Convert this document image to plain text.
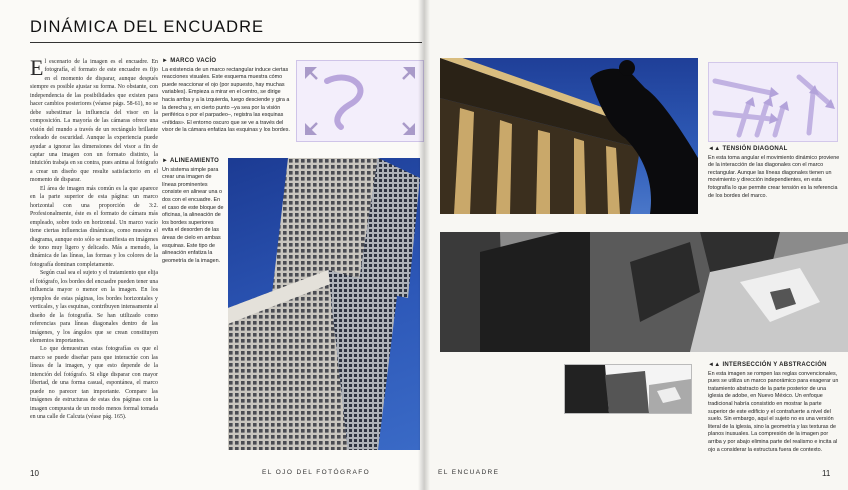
DINÁMICA DEL ENCUADRE

El escenario de la imagen es el encuadre. En fotografía, el formato de este encuadre es fijo en el momento de disparar, aunque después siempre es posible ajustar su forma. No obstante, con independencia de las posibilidades que existen para hacer cambios posteriores (véanse págs. 58-61), no se debe subestimar la influencia del visor en la composición. La mayoría de las cámaras ofrece una visión del mundo a través de un rectángulo brillante rodeado de oscuridad. Aunque la experiencia puede ayudar a ignorar las dimensiones del visor a fin de captar una imagen con un formato distinto, la intuición trabaja en su contra, pues anima al fotógrafo a crear un diseño que resulte satisfactorio en el momento de disparar.

El área de imagen más común es la que aparece en la parte superior de esta página: un marco horizontal con una proporción de 3:2. Profesionalmente, éste es el formato de cámara más empleado, sobre todo en horizontal. Un marco vacío tiene ciertas influencias dinámicas, como muestra el diagrama, aunque esto sólo se manifiesta en imágenes de tono muy ligero y delicado. Más a menudo, la dinámica de las líneas, las formas y los colores de la fotografía dominan completamente.

Según cual sea el sujeto y el tratamiento que elija el fotógrafo, los bordes del encuadre pueden tener una influencia mayor o menor en la imagen. En los ejemplos de estas páginas, los bordes horizontales y verticales, y las esquinas, contribuyen intensamente al diseño de la fotografía. Se han utilizado como referencias para líneas diagonales dentro de las imágenes, y los ángulos que se crean constituyen elementos importantes.

Lo que demuestran estas fotografías es que el marco se puede diseñar para que interactúe con las líneas de la imagen, y que esto depende de la intención del fotógrafo. Si elige disparar con mayor libertad, de una forma casual, espontánea, el marco puede no parecer tan importante. Compare las imágenes de estructuras de estas dos páginas con la imagen compuesta de un modo menos formal tomada en una calle de Calcuta (véase pág. 165).

► MARCO VACÍO

La existencia de un marco rectangular induce ciertas reacciones visuales. Este esquema muestra cómo puede reaccionar el ojo (por supuesto, hay muchas variables). Empieza a mirar en el centro, se dirige hacia arriba y a la izquierda, luego desciende y gira a la derecha y, en cierto punto –ya sea por la visión periférica o por el parpadeo–, registra las esquinas «nítidas». El entorno oscuro que se ve a través del visor de la cámara enfatiza las esquinas y los bordes.

► ALINEAMIENTO

Un sistema simple para crear una imagen de líneas prominentes consiste en alinear una o dos con el encuadre. En el caso de este bloque de oficinas, la alineación de los bordes superiores evita el desorden de las áreas de cielo en ambas esquinas. Este tipo de alineación enfatiza la geometría de la imagen.

EL OJO DEL FOTÓGRAFO
10
◄▲ TENSIÓN DIAGONAL

En esta toma angular el movimiento dinámico proviene de la interacción de las diagonales con el marco rectangular. Aunque las líneas diagonales tienen un movimiento y dirección independientes, en esta fotografía lo que permite crear tensión es la referencia de los bordes del marco.

◄▲ INTERSECCIÓN Y ABSTRACCIÓN

En esta imagen se rompen las reglas convencionales, pues se utiliza un marco panorámico para exagerar un tratamiento abstracto de la parte posterior de una iglesia de adobe, en Nuevo México. Un enfoque tradicional habría consistido en mostrar la parte superior de este edificio y el contrafuerte a nivel del suelo. Sin embargo, aquí el sujeto no es una versión literal de la iglesia, sino la geometría y las texturas de planos inusuales. La compresión de la imagen por arriba y por abajo elimina parte del realismo e incita al ojo a considerar la estructura fuera de contexto.

EL ENCUADRE	11
